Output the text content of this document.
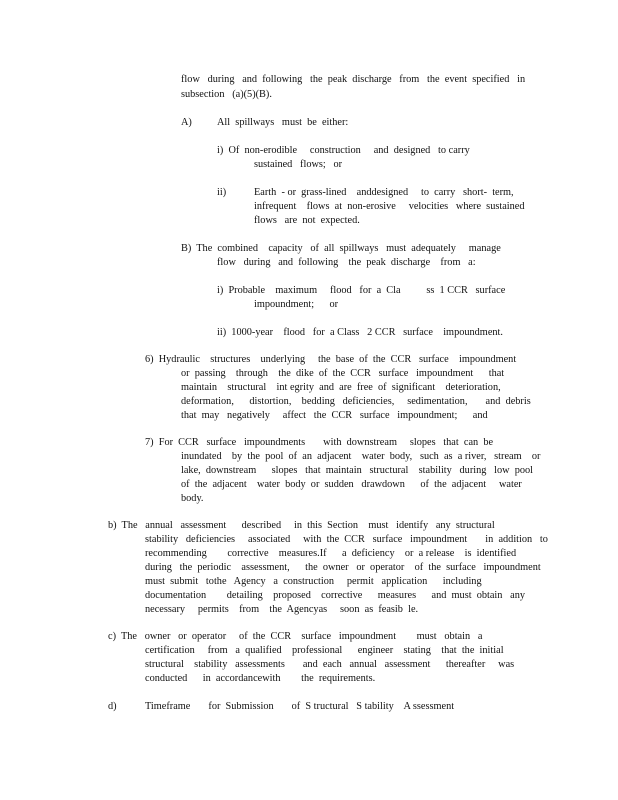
flow   during   and  following   the  peak  discharge   from   the  event  specified   in
subsection   (a)(5)(B).
A) All  spillways   must  be  either:
i)  Of  non-erodible     construction     and  designed   to carry
sustained   flows;   or
ii)	Earth  - or  grass-lined    anddesigned     to  carry   short-  term,
infrequent    flows  at  non-erosive     velocities   where  sustained
flows   are  not  expected.
B)  The  combined    capacity   of  all  spillways   must  adequately     manage
flow   during   and  following    the  peak  discharge    from   a:
i)  Probable    maximum     flood   for  a  Cla          ss  1 CCR   surface
impoundment;      or
ii)  1000-year    flood   for  a Class   2 CCR   surface    impoundment.
6)  Hydraulic    structures    underlying     the  base  of  the  CCR   surface    impoundment
or  passing    through    the  dike  of  the  CCR   surface   impoundment      that
maintain    structural    int egrity  and  are  free  of  significant    deterioration,
deformation,      distortion,    bedding   deficiencies,     sedimentation,       and  debris
that  may   negatively     affect   the  CCR   surface   impoundment;      and
7)  For  CCR   surface   impoundments       with  downstream     slopes   that  can  be
inundated    by  the  pool  of  an  adjacent    water  body,   such  as  a river,   stream    or
lake,  downstream      slopes   that  maintain   structural    stability   during   low  pool
of  the  adjacent    water  body  or  sudden   drawdown      of  the  adjacent     water
body.
b)  The   annual   assessment      described     in  this  Section    must   identify   any  structural
stability   deficiencies     associated     with  the  CCR   surface   impoundment       in  addition   to
recommending        corrective    measures.If      a  deficiency    or  a release    is  identified
during   the  periodic    assessment,      the  owner   or  operator    of  the  surface   impoundment
must  submit   tothe   Agency   a  construction     permit   application      including
documentation        detailing    proposed    corrective      measures      and  must  obtain   any
necessary     permits    from    the  Agencyas     soon  as  feasib  le.
c)  The   owner   or  operator     of  the  CCR    surface   impoundment        must   obtain   a
certification     from   a  qualified    professional      engineer    stating    that  the  initial
structural    stability   assessments       and  each   annual   assessment      thereafter     was
conducted      in  accordancewith        the  requirements.
d)	Timeframe       for  Submission       of  S tructural   S tability    A ssessment
